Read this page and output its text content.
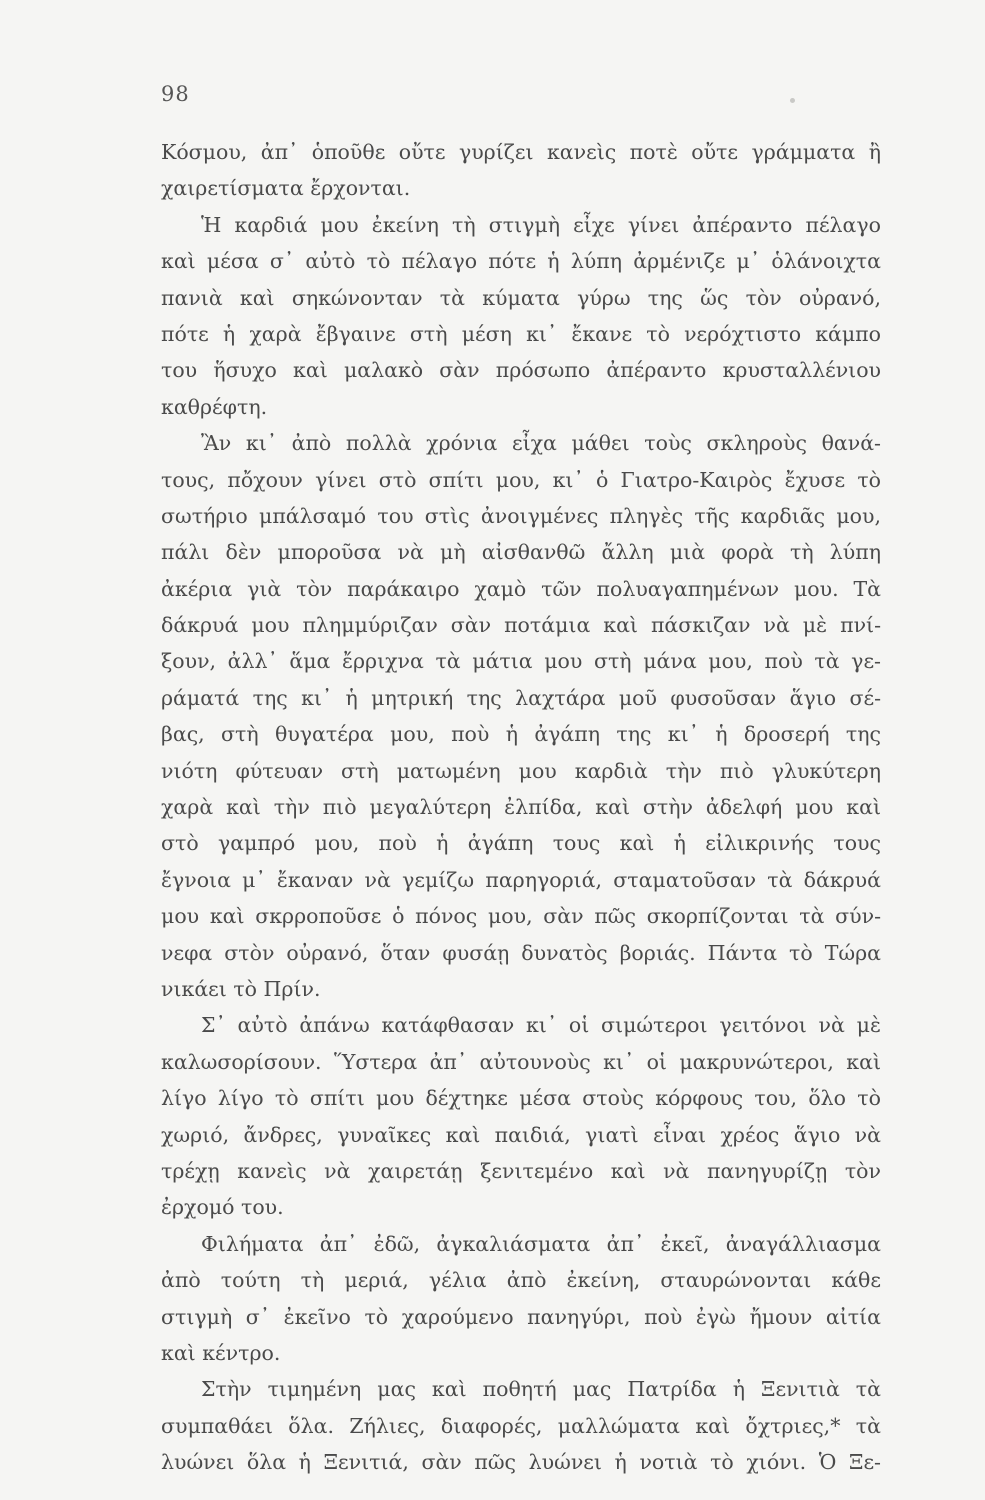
98
Κόσμου, ἀπ᾿ ὁποῦθε οὔτε γυρίζει κανεὶς ποτὲ οὔτε γράμματα ἢ
χαιρετίσματα ἔρχονται.
Ἡ καρδιά μου ἐκείνη τὴ στιγμὴ εἶχε γίνει ἀπέραντο πέλαγο
καὶ μέσα σ᾿ αὐτὸ τὸ πέλαγο πότε ἡ λύπη ἀρμένιζε μ᾿ ὁλάνοιχτα
πανιὰ καὶ σηκώνονταν τὰ κύματα γύρω της ὥς τὸν οὐρανό,
πότε ἡ χαρὰ ἔβγαινε στὴ μέση κι᾿ ἔκανε τὸ νερόχτιστο κάμπο
του ἥσυχο καὶ μαλακὸ σὰν πρόσωπο ἀπέραντο κρυσταλλένιου
καθρέφτη.
Ἂν κι᾿ ἀπὸ πολλὰ χρόνια εἶχα μάθει τοὺς σκληροὺς θανά-
τους, πὄχουν γίνει στὸ σπίτι μου, κι᾿ ὁ Γιατρο-Καιρὸς ἔχυσε τὸ
σωτήριο μπάλσαμό του στὶς ἀνοιγμένες πληγὲς τῆς καρδιᾶς μου,
πάλι δὲν μποροῦσα νὰ μὴ αἰσθανθῶ ἄλλη μιὰ φορὰ τὴ λύπη
ἀκέρια γιὰ τὸν παράκαιρο χαμὸ τῶν πολυαγαπημένων μου. Τὰ
δάκρυά μου πλημμύριζαν σὰν ποτάμια καὶ πάσκιζαν νὰ μὲ πνί-
ξουν, ἀλλ᾿ ἅμα ἔρριχνα τὰ μάτια μου στὴ μάνα μου, ποὺ τὰ γε-
ράματά της κι᾿ ἡ μητρική της λαχτάρα μοῦ φυσοῦσαν ἅγιο σέ-
βας, στὴ θυγατέρα μου, ποὺ ἡ ἀγάπη της κι᾿ ἡ δροσερή της
νιότη φύτευαν στὴ ματωμένη μου καρδιὰ τὴν πιὸ γλυκύτερη
χαρὰ καὶ τὴν πιὸ μεγαλύτερη ἐλπίδα, καὶ στὴν ἀδελφή μου καὶ
στὸ γαμπρό μου, ποὺ ἡ ἀγάπη τους καὶ ἡ εἰλικρινής τους
ἔγνοια μ᾿ ἔκαναν νὰ γεμίζω παρηγοριά, σταματοῦσαν τὰ δάκρυά
μου καὶ σκρροποῦσε ὁ πόνος μου, σὰν πῶς σκορπίζονται τὰ σύν-
νεφα στὸν οὐρανό, ὅταν φυσάῃ δυνατὸς βοριάς. Πάντα τὸ Τώρα
νικάει τὸ Πρίν.
Σ᾿ αὐτὸ ἀπάνω κατάφθασαν κι᾿ οἱ σιμώτεροι γειτόνοι νὰ μὲ
καλωσορίσουν. Ὕστερα ἀπ᾿ αὐτουνοὺς κι᾿ οἱ μακρυνώτεροι, καὶ
λίγο λίγο τὸ σπίτι μου δέχτηκε μέσα στοὺς κόρφους του, ὅλο τὸ
χωριό, ἄνδρες, γυναῖκες καὶ παιδιά, γιατὶ εἶναι χρέος ἅγιο νὰ
τρέχῃ κανεὶς νὰ χαιρετάῃ ξενιτεμένο καὶ νὰ πανηγυρίζῃ τὸν
ἐρχομό του.
Φιλήματα ἀπ᾿ ἐδῶ, ἀγκαλιάσματα ἀπ᾿ ἐκεῖ, ἀναγάλλιασμα
ἀπὸ τούτη τὴ μεριά, γέλια ἀπὸ ἐκείνη, σταυρώνονται κάθε
στιγμὴ σ᾿ ἐκεῖνο τὸ χαρούμενο πανηγύρι, ποὺ ἐγὼ ἤμουν αἰτία
καὶ κέντρο.
Στὴν τιμημένη μας καὶ ποθητή μας Πατρίδα ἡ Ξενιτιὰ τὰ
συμπαθάει ὅλα. Ζήλιες, διαφορές, μαλλώματα καὶ ὄχτριες,* τὰ
λυώνει ὅλα ἡ Ξενιτιά, σὰν πῶς λυώνει ἡ νοτιὰ τὸ χιόνι. Ὁ Ξε-
